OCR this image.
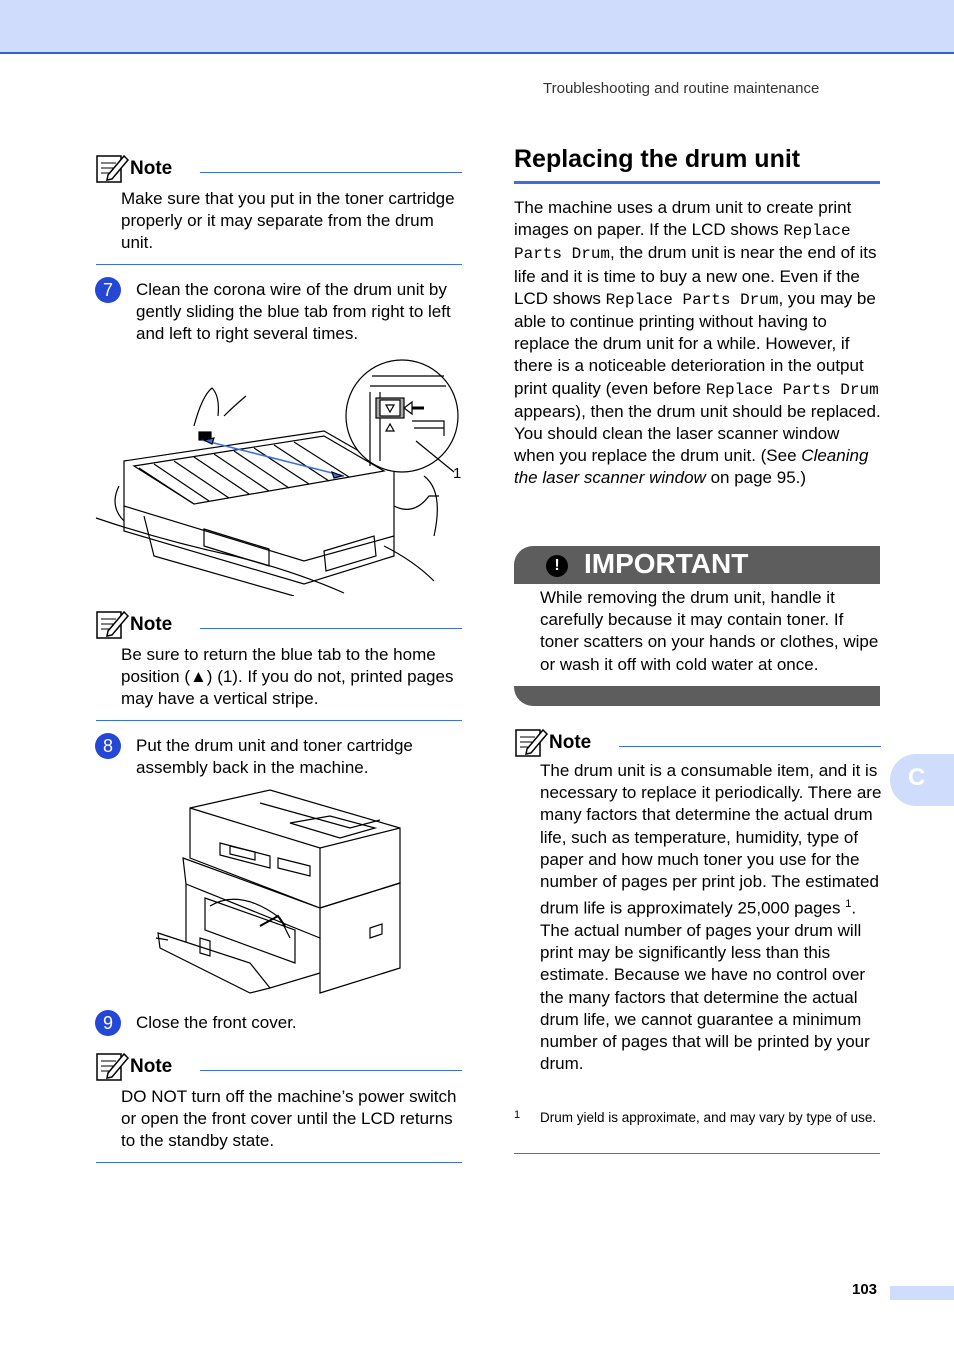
Troubleshooting and routine maintenance
C
103
Note
Make sure that you put in the toner cartridge properly or it may separate from the drum unit.
7	Clean the corona wire of the drum unit by gently sliding the blue tab from right to left and left to right several times.
1
Note
Be sure to return the blue tab to the home position (▲) (1). If you do not, printed pages may have a vertical stripe.
8	Put the drum unit and toner cartridge assembly back in the machine.
9	Close the front cover.
Note
DO NOT turn off the machine’s power switch or open the front cover until the LCD returns to the standby state.
Replacing the drum unit
The machine uses a drum unit to create print images on paper. If the LCD shows Replace Parts Drum, the drum unit is near the end of its life and it is time to buy a new one. Even if the LCD shows Replace Parts Drum, you may be able to continue printing without having to replace the drum unit for a while. However, if there is a noticeable deterioration in the output print quality (even before Replace Parts Drum appears), then the drum unit should be replaced. You should clean the laser scanner window when you replace the drum unit. (See Cleaning the laser scanner window on page 95.)
! IMPORTANT
While removing the drum unit, handle it carefully because it may contain toner. If toner scatters on your hands or clothes, wipe or wash it off with cold water at once.
Note
The drum unit is a consumable item, and it is necessary to replace it periodically. There are many factors that determine the actual drum life, such as temperature, humidity, type of paper and how much toner you use for the number of pages per print job. The estimated drum life is approximately 25,000 pages $^1$. The actual number of pages your drum will print may be significantly less than this estimate. Because we have no control over the many factors that determine the actual drum life, we cannot guarantee a minimum number of pages that will be printed by your drum.
1 Drum yield is approximate, and may vary by type of use.
